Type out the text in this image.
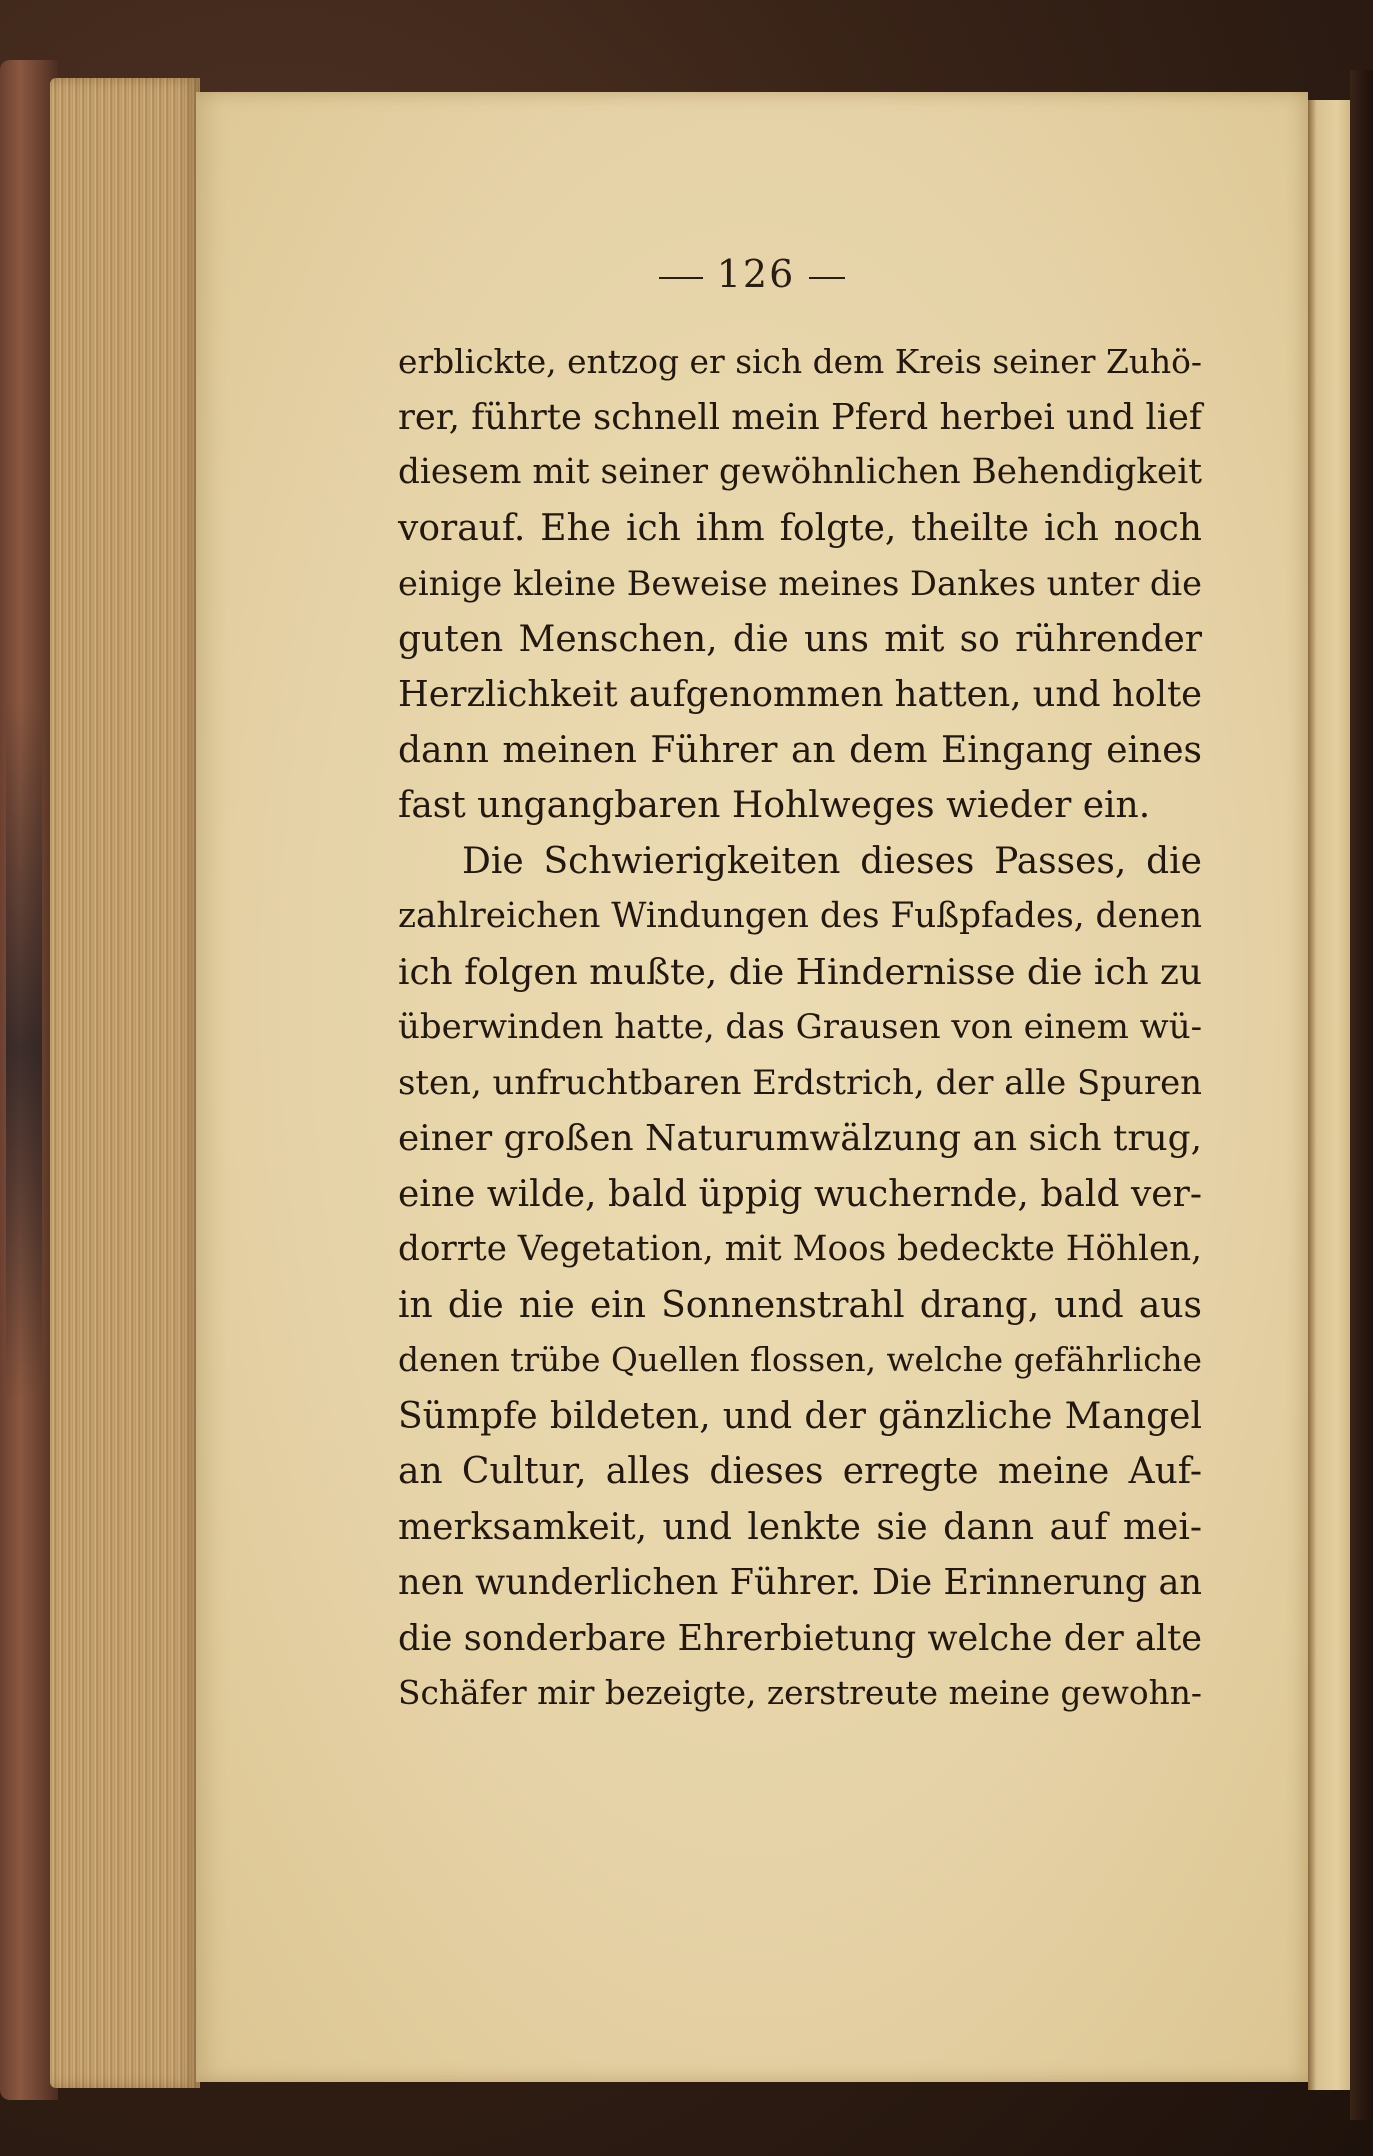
126
erblickte, entzog er sich dem Kreis seiner Zuhö-
rer, führte schnell mein Pferd herbei und lief
diesem mit seiner gewöhnlichen Behendigkeit
vorauf. Ehe ich ihm folgte, theilte ich noch
einige kleine Beweise meines Dankes unter die
guten Menschen, die uns mit so rührender
Herzlichkeit aufgenommen hatten, und holte
dann meinen Führer an dem Eingang eines
fast ungangbaren Hohlweges wieder ein.
Die Schwierigkeiten dieses Passes, die
zahlreichen Windungen des Fußpfades, denen
ich folgen mußte, die Hindernisse die ich zu
überwinden hatte, das Grausen von einem wü-
sten, unfruchtbaren Erdstrich, der alle Spuren
einer großen Naturumwälzung an sich trug,
eine wilde, bald üppig wuchernde, bald ver-
dorrte Vegetation, mit Moos bedeckte Höhlen,
in die nie ein Sonnenstrahl drang, und aus
denen trübe Quellen flossen, welche gefährliche
Sümpfe bildeten, und der gänzliche Mangel
an Cultur, alles dieses erregte meine Auf-
merksamkeit, und lenkte sie dann auf mei-
nen wunderlichen Führer. Die Erinnerung an
die sonderbare Ehrerbietung welche der alte
Schäfer mir bezeigte, zerstreute meine gewohn-
